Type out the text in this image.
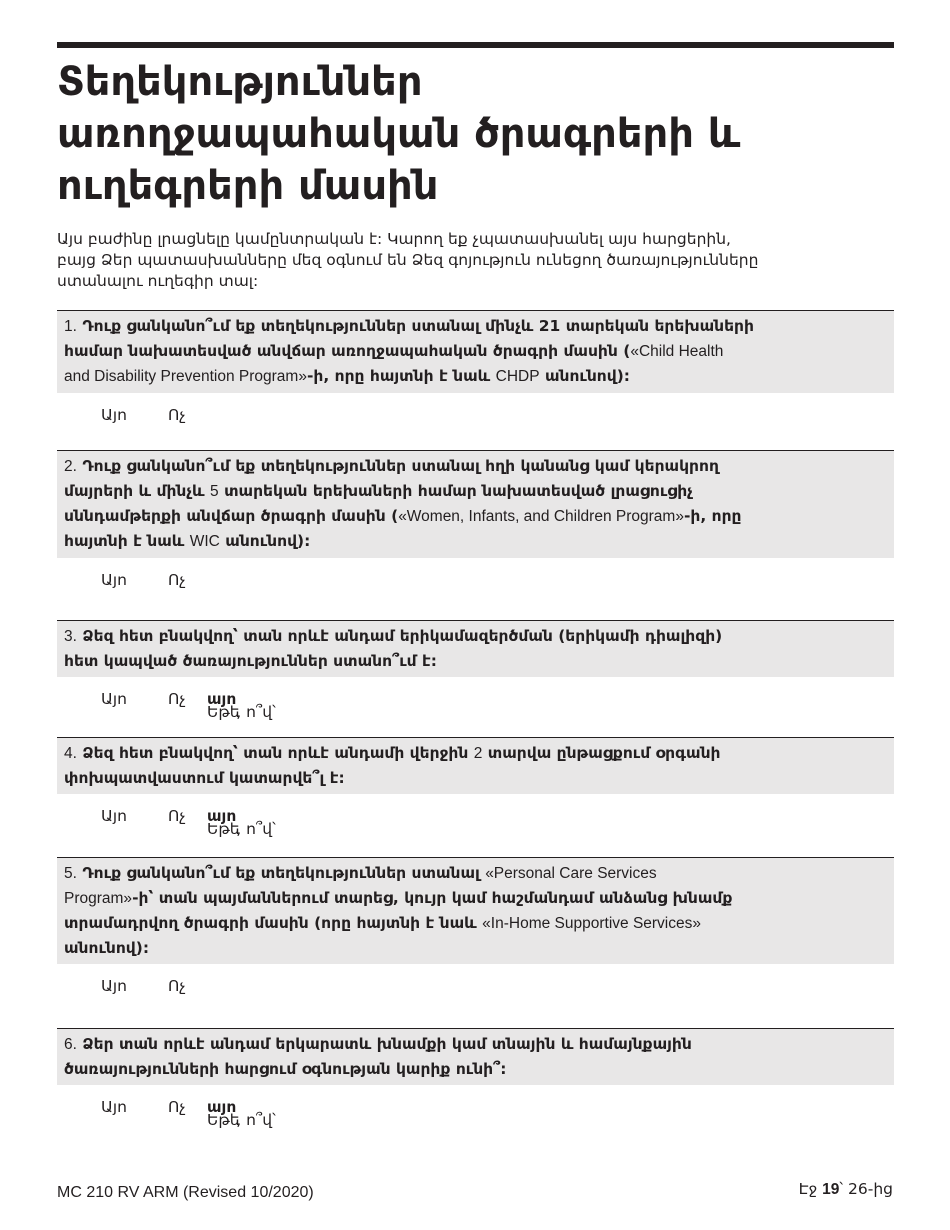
Տեղեկություններ
առողջապահական ծրագրերի և
ուղեգրերի մասին

Այս բաժինը լրացնելը կամընտրական է: Կարող եք չպատասխանել այս հարցերին,
բայց Ձեր պատասխանները մեզ օգնում են Ձեզ գոյություն ունեցող ծառայությունները
ստանալու ուղեգիր տալ:

1. Դուք ցանկանո՞ւմ եք տեղեկություններ ստանալ մինչև 21 տարեկան երեխաների
համար նախատեսված անվճար առողջապահական ծրագրի մասին («Child Health
and Disability Prevention Program»-ի, որը հայտնի է նաև CHDP անունով):
Այո	Ոչ
2. Դուք ցանկանո՞ւմ եք տեղեկություններ ստանալ հղի կանանց կամ կերակրող
մայրերի և մինչև 5 տարեկան երեխաների համար նախատեսված լրացուցիչ
սննդամթերքի անվճար ծրագրի մասին («Women, Infants, and Children Program»-ի, որը
հայտնի է նաև WIC անունով):
Այո	Ոչ
3. Ձեզ հետ բնակվող՝ տան որևէ անդամ երիկամազերծման (երիկամի դիալիզի)
հետ կապված ծառայություններ ստանո՞ւմ է:
Այո	Ոչ
Եթե
այո
, ո՞վ՝
4. Ձեզ հետ բնակվող՝ տան որևէ անդամի վերջին 2 տարվա ընթացքում օրգանի
փոխպատվաստում կատարվե՞լ է:
Այո	Ոչ
Եթե
այո
, ո՞վ՝
5. Դուք ցանկանո՞ւմ եք տեղեկություններ ստանալ «Personal Care Services
Program»-ի՝ տան պայմաններում տարեց, կույր կամ հաշմանդամ անձանց խնամք
տրամադրվող ծրագրի մասին (որը հայտնի է նաև «In-Home Supportive Services»
անունով):
Այո	Ոչ
6. Ձեր տան որևէ անդամ երկարատև խնամքի կամ տնային և համայնքային
ծառայությունների հարցում օգնության կարիք ունի՞:
Այո	Ոչ
Եթե
այո
, ո՞վ՝
MC 210 RV ARM (Revised 10/2020)	Էջ 19՝ 26-ից
